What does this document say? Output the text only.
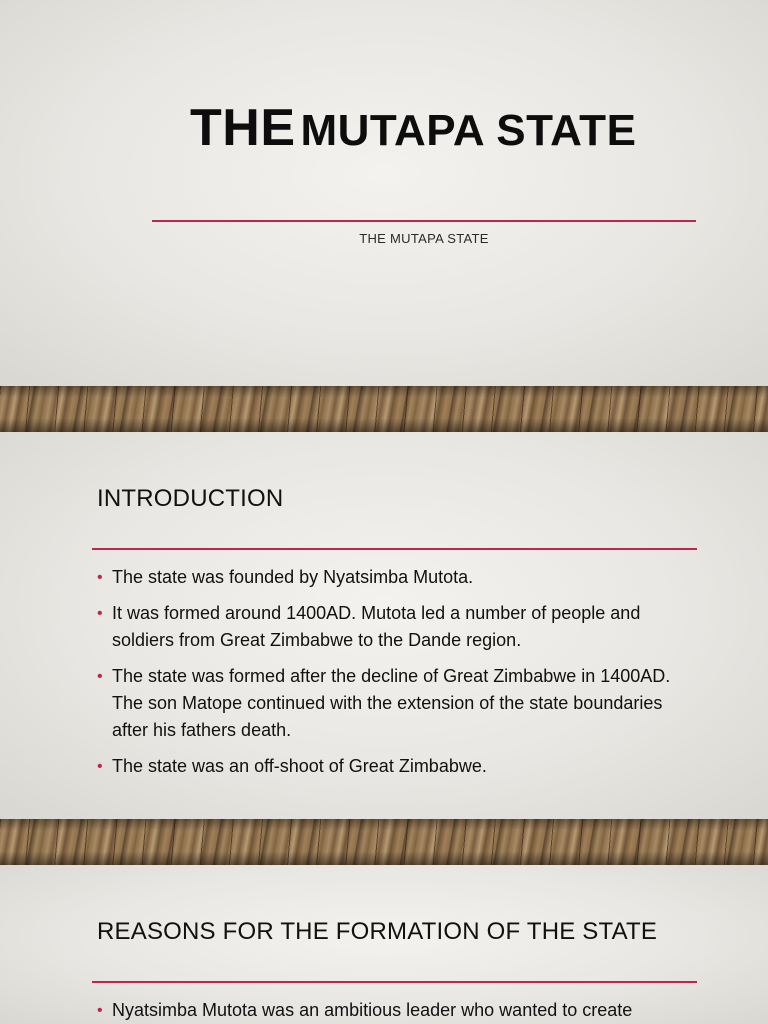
THE MUTAPA STATE
THE MUTAPA STATE
INTRODUCTION
• The state was founded by Nyatsimba Mutota.
• It was formed around 1400AD. Mutota led a number of people and soldiers from Great Zimbabwe to the Dande region.
• The state was formed after the decline of Great Zimbabwe in 1400AD. The son Matope continued with the extension of the state boundaries after his fathers death.
• The state was an off-shoot of Great Zimbabwe.
REASONS FOR THE FORMATION OF THE STATE
• Nyatsimba Mutota was an ambitious leader who wanted to create
